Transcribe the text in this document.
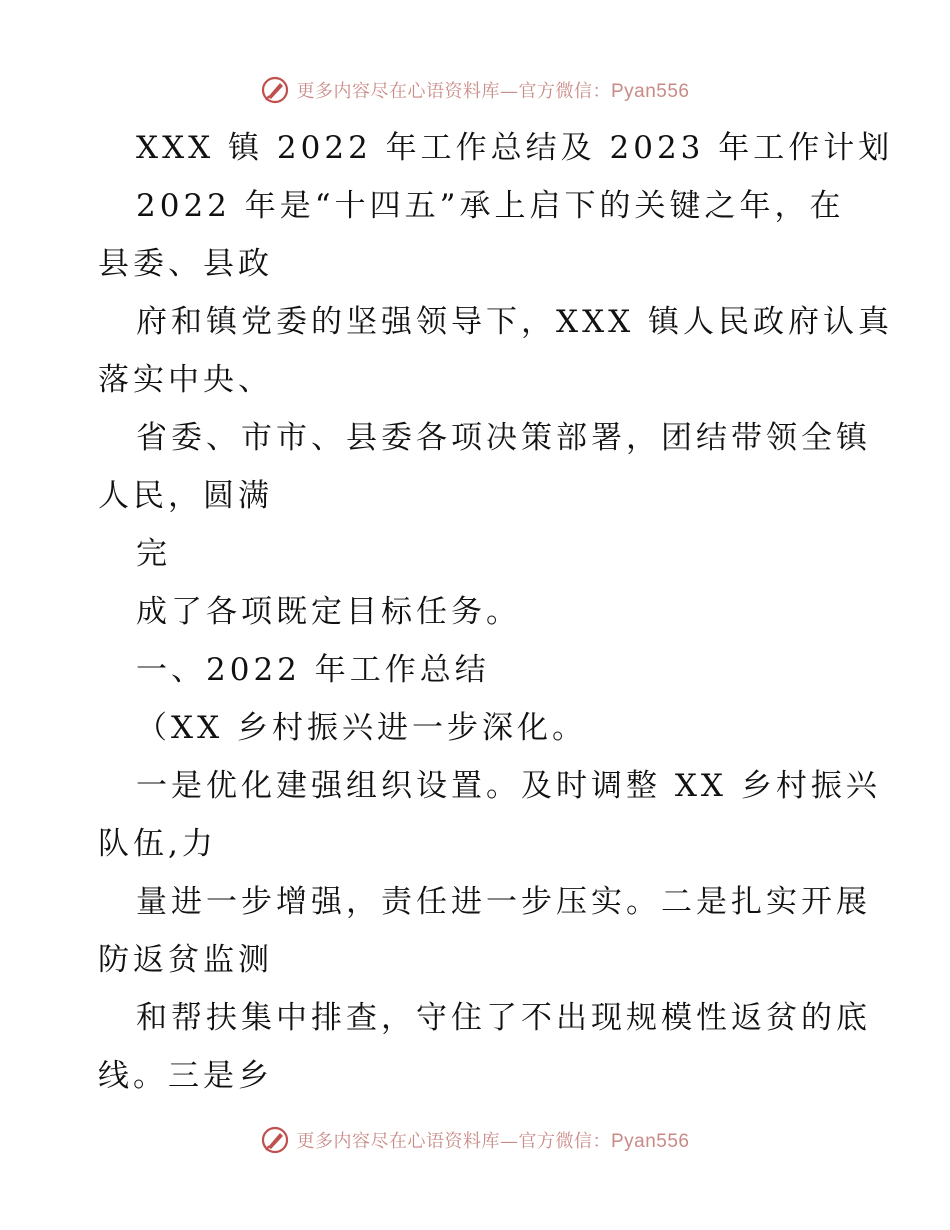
更多内容尽在心语资料库—官方微信：Pyan556
XXX 镇 2022 年工作总结及 2023 年工作计划
2022 年是“十四五”承上启下的关键之年，在
县委、县政
府和镇党委的坚强领导下，XXX 镇人民政府认真
落实中央、
省委、市市、县委各项决策部署，团结带领全镇
人民，圆满
完
成了各项既定目标任务。
一、2022 年工作总结
（XX 乡村振兴进一步深化。
一是优化建强组织设置。及时调整 XX 乡村振兴
队伍,力
量进一步增强，责任进一步压实。二是扎实开展
防返贫监测
和帮扶集中排查，守住了不出现规模性返贫的底
线。三是乡
更多内容尽在心语资料库—官方微信：Pyan556
